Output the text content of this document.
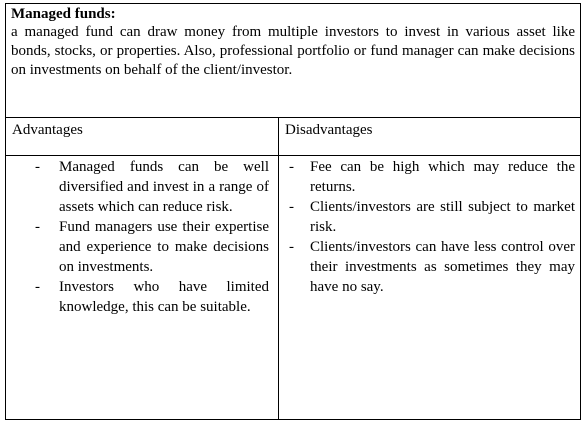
Managed funds:

a managed fund can draw money from multiple investors to invest in various asset like bonds, stocks, or properties. Also, professional portfolio or fund manager can make decisions on investments on behalf of the client/investor.

Advantages	Disadvantages
- Managed funds can be well diversified and invest in a range of assets which can reduce risk.
- Fund managers use their expertise and experience to make decisions on investments.
- Investors who have limited knowledge, this can be suitable.
- Fee can be high which may reduce the returns.
- Clients/investors are still subject to market risk.
- Clients/investors can have less control over their investments as sometimes they may have no say.
